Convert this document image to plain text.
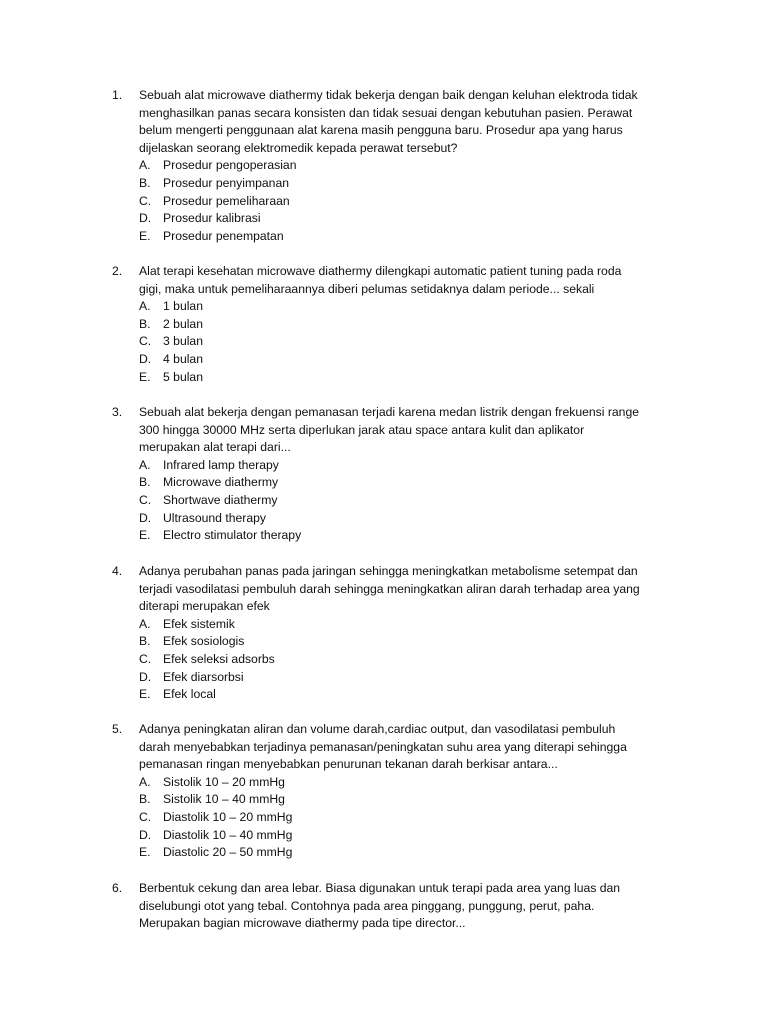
1. Sebuah alat microwave diathermy tidak bekerja dengan baik dengan keluhan elektroda tidak
menghasilkan panas secara konsisten dan tidak sesuai dengan kebutuhan pasien. Perawat
belum mengerti penggunaan alat karena masih pengguna baru. Prosedur apa yang harus
dijelaskan seorang elektromedik kepada perawat tersebut?
A. Prosedur pengoperasian
B. Prosedur penyimpanan
C. Prosedur pemeliharaan
D. Prosedur kalibrasi
E. Prosedur penempatan
2. Alat terapi kesehatan microwave diathermy dilengkapi automatic patient tuning pada roda
gigi, maka untuk pemeliharaannya diberi pelumas setidaknya dalam periode... sekali
A. 1 bulan
B. 2 bulan
C. 3 bulan
D. 4 bulan
E. 5 bulan
3. Sebuah alat bekerja dengan pemanasan terjadi karena medan listrik dengan frekuensi range
300 hingga 30000 MHz serta diperlukan jarak atau space antara kulit dan aplikator
merupakan alat terapi dari...
A. Infrared lamp therapy
B. Microwave diathermy
C. Shortwave diathermy
D. Ultrasound therapy
E. Electro stimulator therapy
4. Adanya perubahan panas pada jaringan sehingga meningkatkan metabolisme setempat dan
terjadi vasodilatasi pembuluh darah sehingga meningkatkan aliran darah terhadap area yang
diterapi merupakan efek
A. Efek sistemik
B. Efek sosiologis
C. Efek seleksi adsorbs
D. Efek diarsorbsi
E. Efek local
5. Adanya peningkatan aliran dan volume darah,cardiac output, dan vasodilatasi pembuluh
darah menyebabkan terjadinya pemanasan/peningkatan suhu area yang diterapi sehingga
pemanasan ringan menyebabkan penurunan tekanan darah berkisar antara...
A. Sistolik 10 – 20 mmHg
B. Sistolik 10 – 40 mmHg
C. Diastolik 10 – 20 mmHg
D. Diastolik 10 – 40 mmHg
E. Diastolic 20 – 50 mmHg
6. Berbentuk cekung dan area lebar. Biasa digunakan untuk terapi pada area yang luas dan
diselubungi otot yang tebal. Contohnya pada area pinggang, punggung, perut, paha.
Merupakan bagian microwave diathermy pada tipe director...
